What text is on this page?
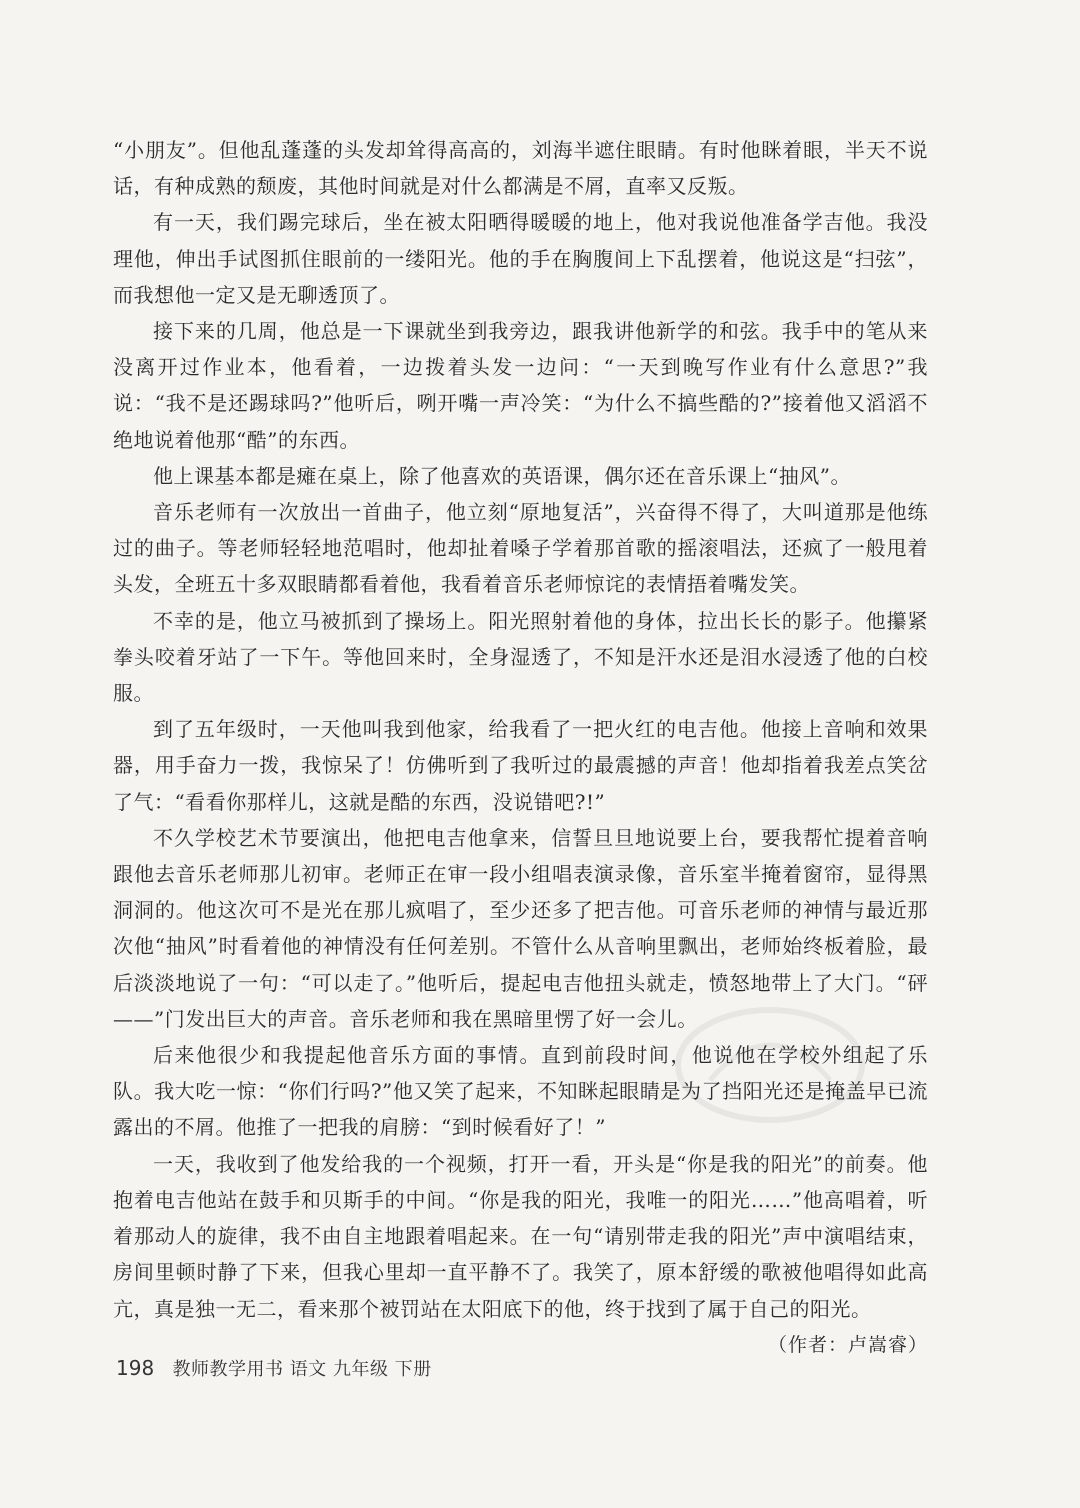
“小朋友”。但他乱蓬蓬的头发却耸得高高的，刘海半遮住眼睛。有时他眯着眼，半天不说话，有种成熟的颓废，其他时间就是对什么都满是不屑，直率又反叛。

有一天，我们踢完球后，坐在被太阳晒得暖暖的地上，他对我说他准备学吉他。我没理他，伸出手试图抓住眼前的一缕阳光。他的手在胸腹间上下乱摆着，他说这是“扫弦”，而我想他一定又是无聊透顶了。

接下来的几周，他总是一下课就坐到我旁边，跟我讲他新学的和弦。我手中的笔从来没离开过作业本，他看着，一边拨着头发一边问：“一天到晚写作业有什么意思?”我说：“我不是还踢球吗?”他听后，咧开嘴一声冷笑：“为什么不搞些酷的?”接着他又滔滔不绝地说着他那“酷”的东西。

他上课基本都是瘫在桌上，除了他喜欢的英语课，偶尔还在音乐课上“抽风”。

音乐老师有一次放出一首曲子，他立刻“原地复活”，兴奋得不得了，大叫道那是他练过的曲子。等老师轻轻地范唱时，他却扯着嗓子学着那首歌的摇滚唱法，还疯了一般甩着头发，全班五十多双眼睛都看着他，我看着音乐老师惊诧的表情捂着嘴发笑。

不幸的是，他立马被抓到了操场上。阳光照射着他的身体，拉出长长的影子。他攥紧拳头咬着牙站了一下午。等他回来时，全身湿透了，不知是汗水还是泪水浸透了他的白校服。

到了五年级时，一天他叫我到他家，给我看了一把火红的电吉他。他接上音响和效果器，用手奋力一拨，我惊呆了！仿佛听到了我听过的最震撼的声音！他却指着我差点笑岔了气：“看看你那样儿，这就是酷的东西，没说错吧?!”

不久学校艺术节要演出，他把电吉他拿来，信誓旦旦地说要上台，要我帮忙提着音响跟他去音乐老师那儿初审。老师正在审一段小组唱表演录像，音乐室半掩着窗帘，显得黑洞洞的。他这次可不是光在那儿疯唱了，至少还多了把吉他。可音乐老师的神情与最近那次他“抽风”时看着他的神情没有任何差别。不管什么从音响里飘出，老师始终板着脸，最后淡淡地说了一句：“可以走了。”他听后，提起电吉他扭头就走，愤怒地带上了大门。“砰——”门发出巨大的声音。音乐老师和我在黑暗里愣了好一会儿。

后来他很少和我提起他音乐方面的事情。直到前段时间，他说他在学校外组起了乐队。我大吃一惊：“你们行吗?”他又笑了起来，不知眯起眼睛是为了挡阳光还是掩盖早已流露出的不屑。他推了一把我的肩膀：“到时候看好了！”

一天，我收到了他发给我的一个视频，打开一看，开头是“你是我的阳光”的前奏。他抱着电吉他站在鼓手和贝斯手的中间。“你是我的阳光，我唯一的阳光……”他高唱着，听着那动人的旋律，我不由自主地跟着唱起来。在一句“请别带走我的阳光”声中演唱结束，房间里顿时静了下来，但我心里却一直平静不了。我笑了，原本舒缓的歌被他唱得如此高亢，真是独一无二，看来那个被罚站在太阳底下的他，终于找到了属于自己的阳光。

（作者：卢嵩睿）

198 教师教学用书 语文 九年级 下册
